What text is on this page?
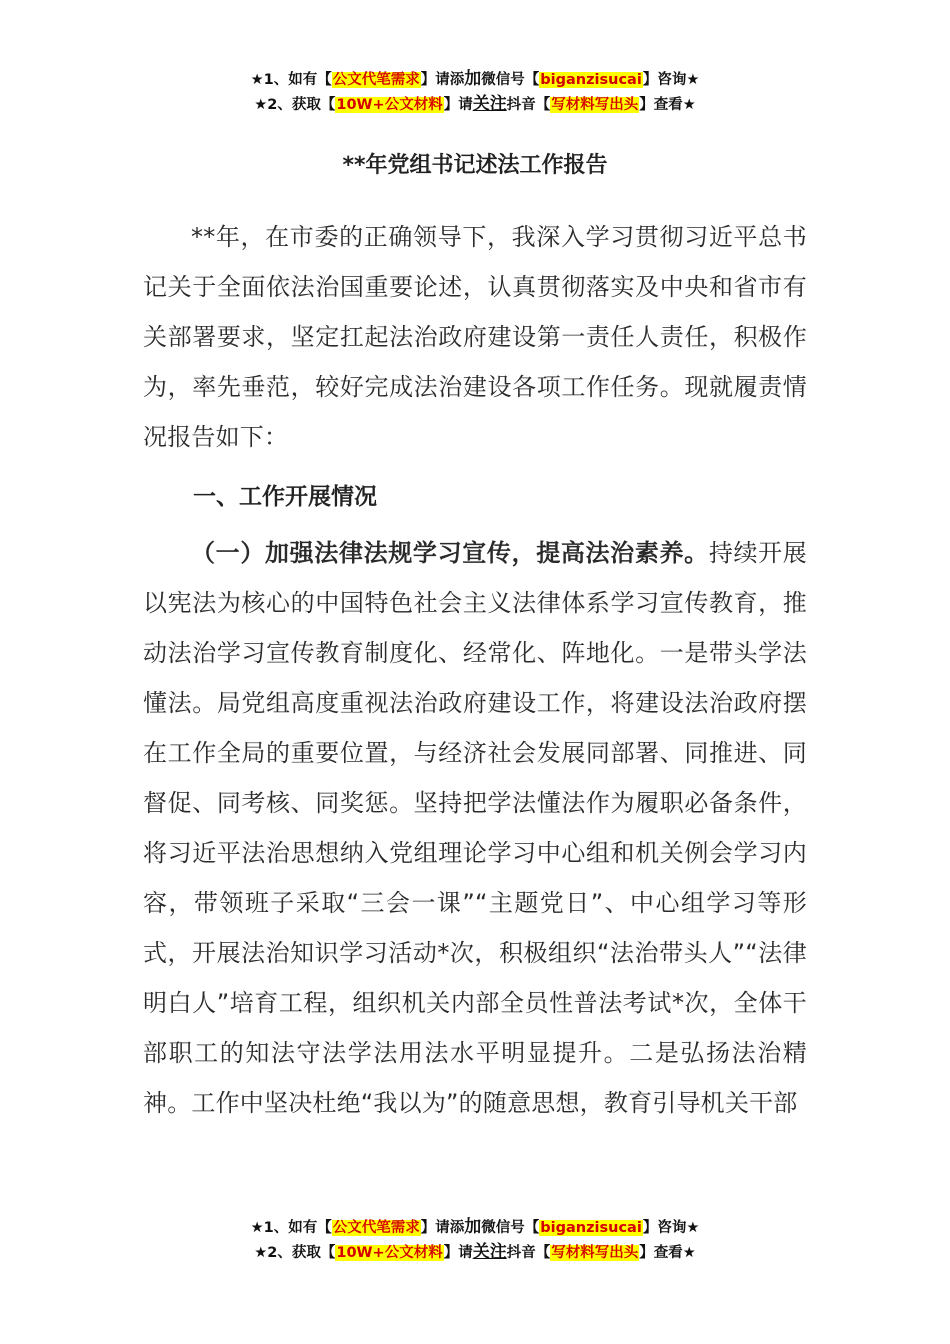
★1、如有【公文代笔需求】请添加微信号【biganzisucai】咨询★
★2、获取【10W+公文材料】请关注抖音【写材料写出头】查看★
**年党组书记述法工作报告

**年，在市委的正确领导下，我深入学习贯彻习近平总书记关于全面依法治国重要论述，认真贯彻落实及中央和省市有关部署要求，坚定扛起法治政府建设第一责任人责任，积极作为，率先垂范，较好完成法治建设各项工作任务。现就履责情况报告如下：

一、工作开展情况

（一）加强法律法规学习宣传，提高法治素养。持续开展以宪法为核心的中国特色社会主义法律体系学习宣传教育，推动法治学习宣传教育制度化、经常化、阵地化。一是带头学法懂法。局党组高度重视法治政府建设工作，将建设法治政府摆在工作全局的重要位置，与经济社会发展同部署、同推进、同督促、同考核、同奖惩。坚持把学法懂法作为履职必备条件，将习近平法治思想纳入党组理论学习中心组和机关例会学习内容，带领班子采取“三会一课”“主题党日”、中心组学习等形式，开展法治知识学习活动*次，积极组织“法治带头人”“法律明白人”培育工程，组织机关内部全员性普法考试*次，全体干部职工的知法守法学法用法水平明显提升。二是弘扬法治精神。工作中坚决杜绝“我以为”的随意思想，教育引导机关干部

★1、如有【公文代笔需求】请添加微信号【biganzisucai】咨询★
★2、获取【10W+公文材料】请关注抖音【写材料写出头】查看★
